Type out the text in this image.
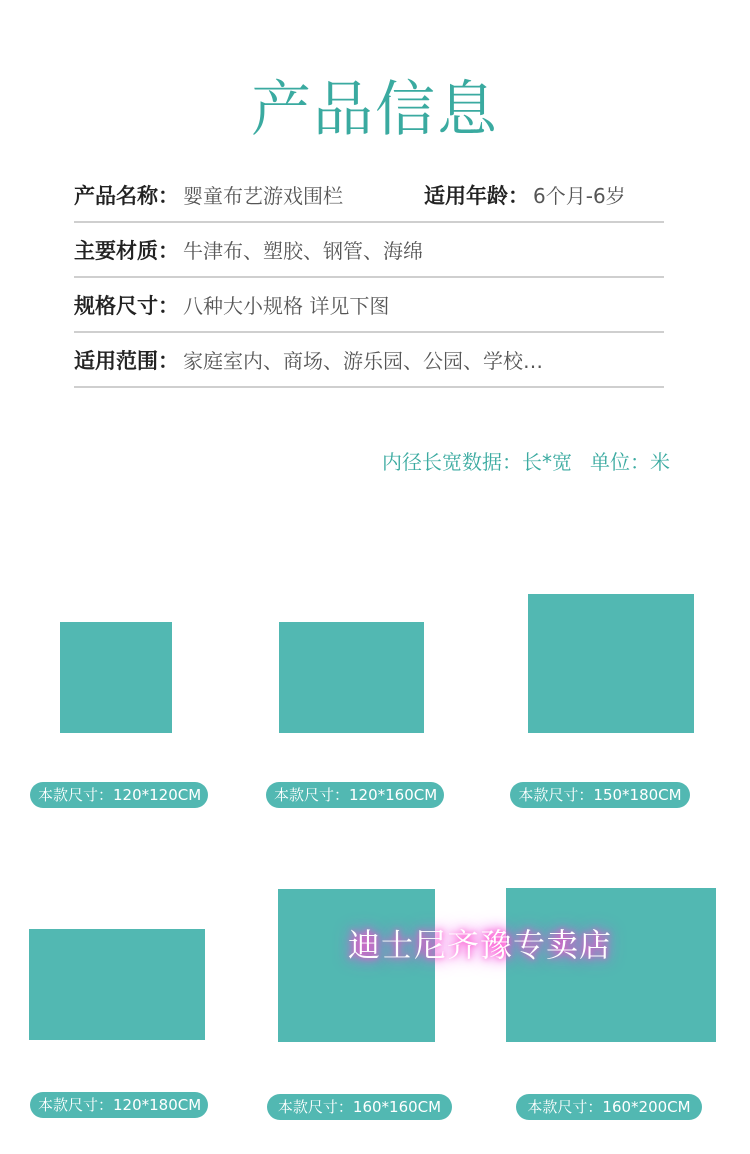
产品信息
产品名称： 婴童布艺游戏围栏	适用年龄： 6个月-6岁
主要材质： 牛津布、塑胶、钢管、海绵
规格尺寸： 八种大小规格 详见下图
适用范围： 家庭室内、商场、游乐园、公园、学校…
内径长宽数据：长*宽 单位：米
本款尺寸：120*120CM	本款尺寸：120*160CM	本款尺寸：150*180CM
本款尺寸：120*180CM	本款尺寸：160*160CM	本款尺寸：160*200CM
迪士尼齐豫专卖店
